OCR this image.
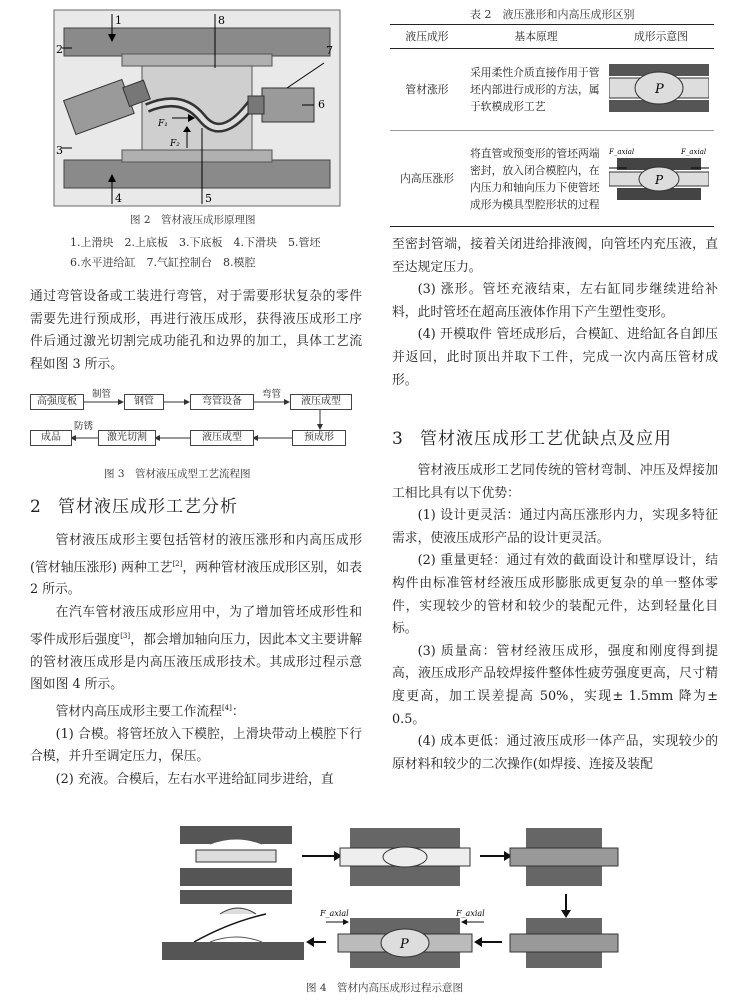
1	8
2	7
6
3
4	5
F₁
F₂
图 2　管材液压成形原理图
1.上滑块　2.上底板　3.下底板　4.下滑块　5.管坯
6.水平进给缸　7.气缸控制台　8.模腔
表 2　液压涨形和内高压成形区别
液压成形	基本原理	成形示意图
管材涨形	采用柔性介质直接作用于管坯内部进行成形的方法，属于软模成形工艺	P

内高压涨形	将直管或预变形的管坯两端密封，放入闭合模腔内，在内压力和轴向压力下使管坯成形为模具型腔形状的过程	F_axial F_axial
P

通过弯管设备或工装进行弯管，对于需要形状复杂的零件需要先进行预成形，再进行液压成形，获得液压成形工序件后通过激光切割完成功能孔和边界的加工，具体工艺流程如图 3 所示。

高强度板
制管
钢管	弯管设备
弯管
液压成型
预成形
液压成型
激光切割
防锈
成品
图 3　管材液压成型工艺流程图
2 管材液压成形工艺分析

管材液压成形主要包括管材的液压涨形和内高压成形(管材轴压涨形) 两种工艺[2]，两种管材液压成形区别，如表 2 所示。

在汽车管材液压成形应用中，为了增加管坯成形性和零件成形后强度[3]，都会增加轴向压力，因此本文主要讲解的管材液压成形是内高压液压成形技术。其成形过程示意图如图 4 所示。

管材内高压成形主要工作流程[4]：

(1) 合模。将管坯放入下模腔，上滑块带动上模腔下行合模，并升至调定压力，保压。

(2) 充液。合模后，左右水平进给缸同步进给，直

至密封管端，接着关闭进给排液阀，向管坯内充压液，直至达规定压力。

(3) 涨形。管坯充液结束，左右缸同步继续进给补料，此时管坯在超高压液体作用下产生塑性变形。

(4) 开模取件 管坯成形后，合模缸、进给缸各自卸压并返回，此时顶出并取下工件，完成一次内高压管材成形。

3 管材液压成形工艺优缺点及应用

管材液压成形工艺同传统的管材弯制、冲压及焊接加工相比具有以下优势：

(1) 设计更灵活：通过内高压涨形内力，实现多特征需求，使液压成形产品的设计更灵活。

(2) 重量更轻：通过有效的截面设计和壁厚设计，结构件由标准管材经液压成形膨胀成更复杂的单一整体零件，实现较少的管材和较少的装配元件，达到轻量化目标。

(3) 质量高：管材经液压成形，强度和刚度得到提高，液压成形产品较焊接件整体性疲劳强度更高，尺寸精度更高，加工误差提高 50%，实现± 1.5mm 降为± 0.5。

(4) 成本更低：通过液压成形一体产品，实现较少的原材料和较少的二次操作(如焊接、连接及装配

P
F_axial	F_axial
图 4　管材内高压成形过程示意图
